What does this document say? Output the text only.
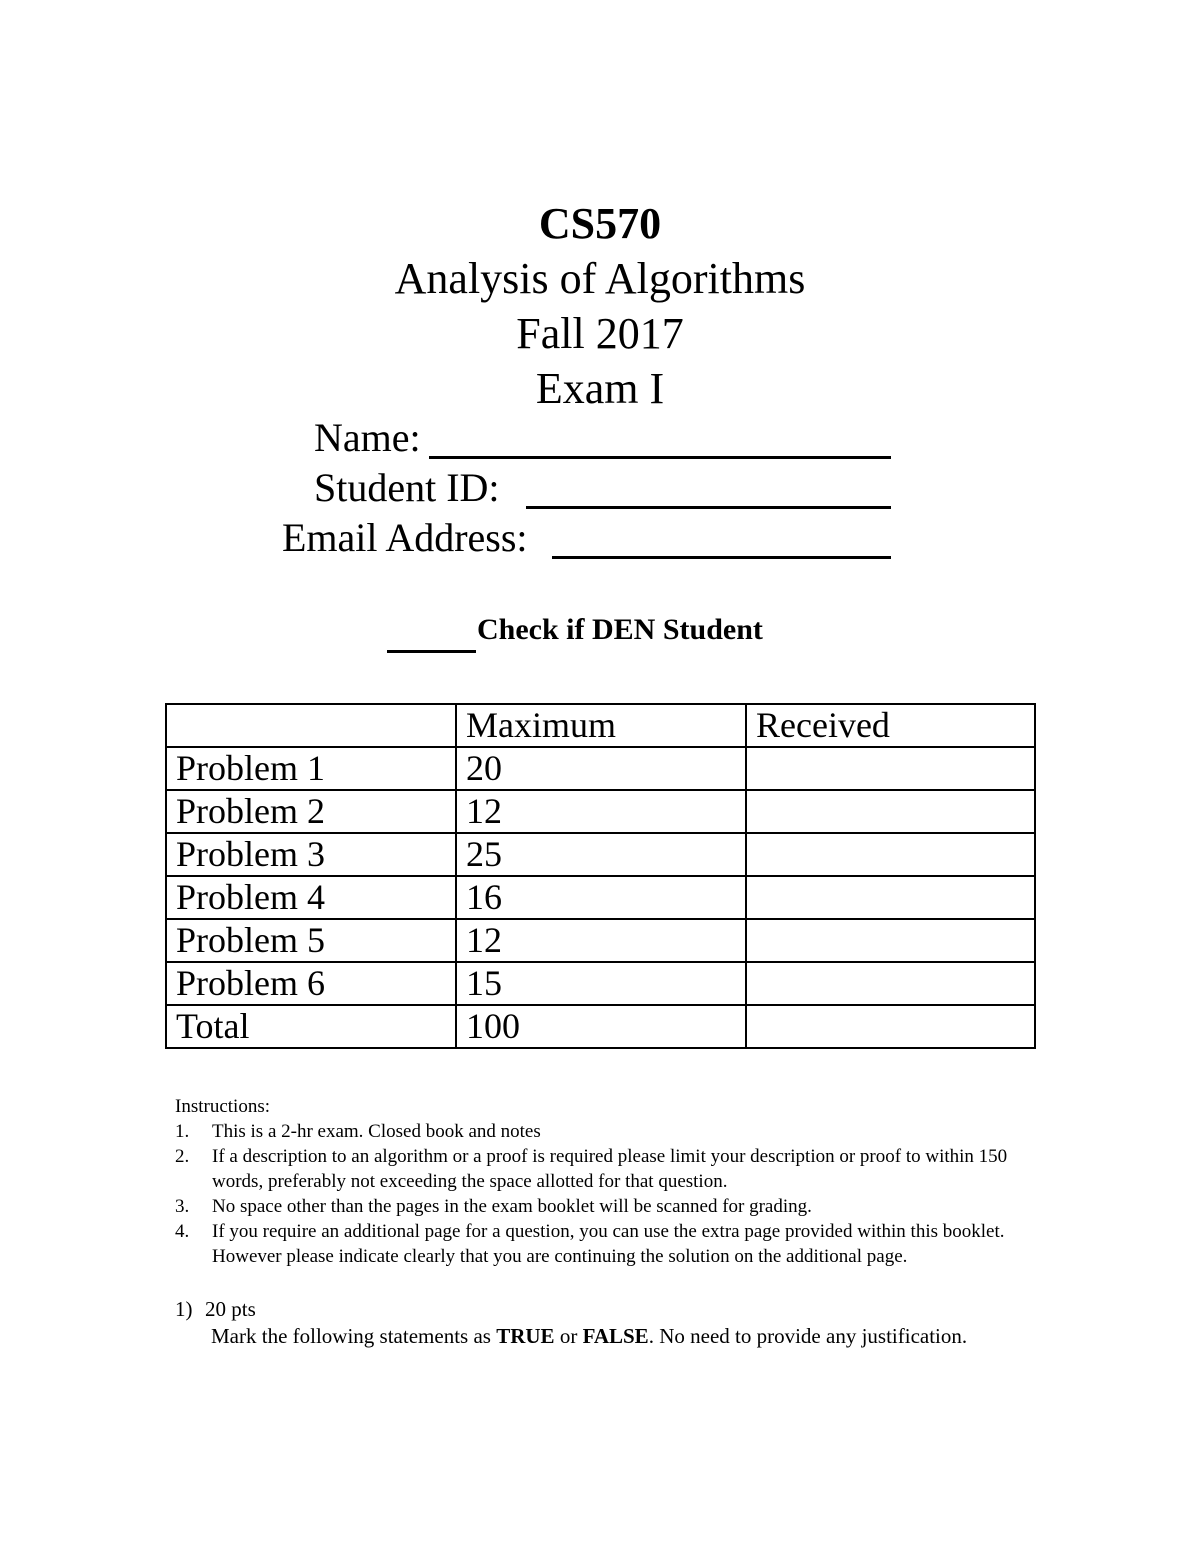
CS570
Analysis of Algorithms
Fall 2017
Exam I
Name:
Student ID:
Email Address:
Check if DEN Student
	Maximum	Received
Problem 1	20	
Problem 2	12	
Problem 3	25	
Problem 4	16	
Problem 5	12	
Problem 6	15	
Total	100	

Instructions:

1. This is a 2-hr exam. Closed book and notes
2. If a description to an algorithm or a proof is required please limit your description or proof to within 150 words, preferably not exceeding the space allotted for that question.
3. No space other than the pages in the exam booklet will be scanned for grading.
4. If you require an additional page for a question, you can use the extra page provided within this booklet. However please indicate clearly that you are continuing the solution on the additional page.
1) 20 pts
Mark the following statements as TRUE or FALSE. No need to provide any justification.
